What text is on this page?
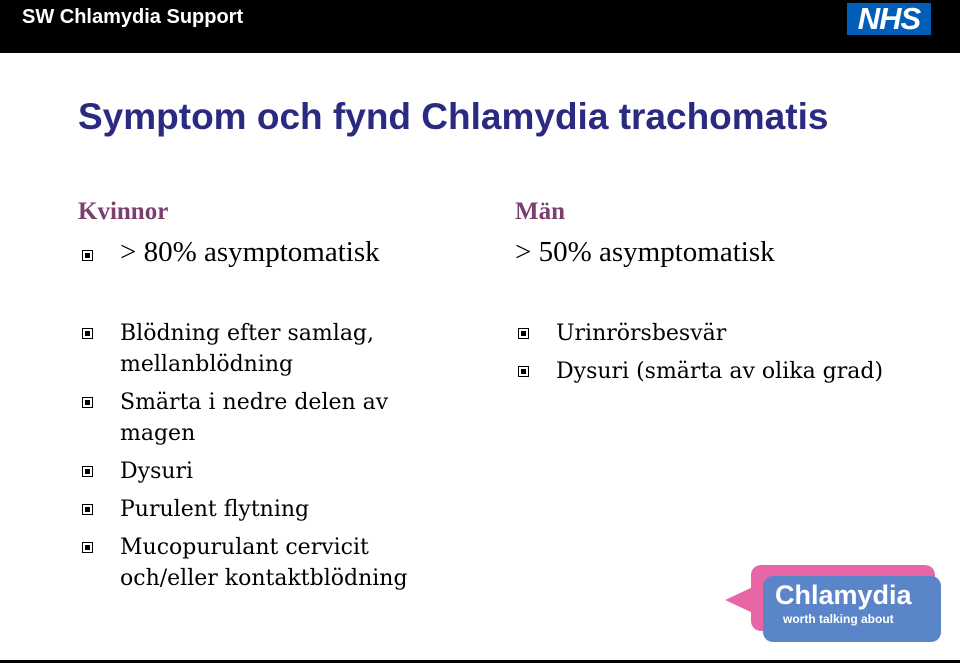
SW Chlamydia Support	NHS
Symptom och fynd Chlamydia trachomatis
Kvinnor
> 80% asymptomatisk
Blödning efter samlag, mellanblödning
Smärta i nedre delen av magen
Dysuri
Purulent flytning
Mucopurulant cervicit och/eller kontaktblödning
Män
> 50% asymptomatisk
Urinrörsbesvär
Dysuri (smärta av olika grad)
Chlamydia
worth talking about
